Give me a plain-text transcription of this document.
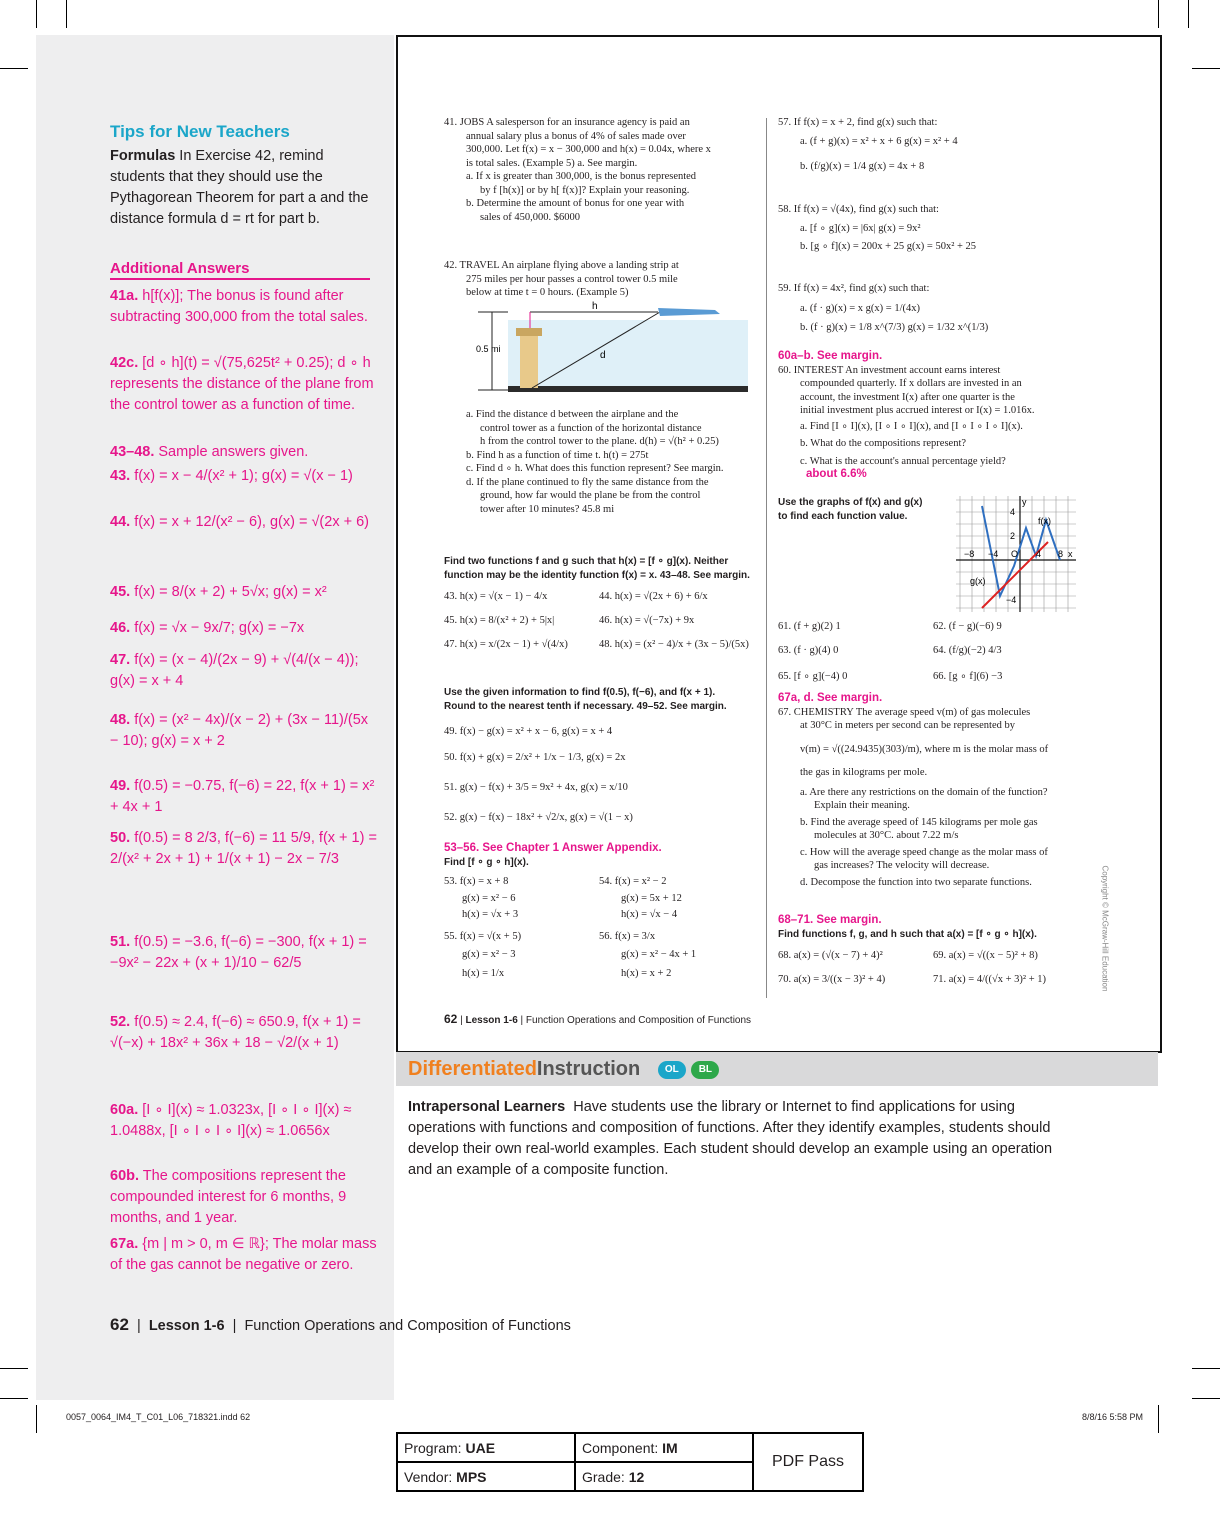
Tips for New Teachers
Formulas In Exercise 42, remind students that they should use the Pythagorean Theorem for part a and the distance formula d = rt for part b.
Additional Answers
41a. h[f(x)]; The bonus is found after subtracting 300,000 from the total sales.
42c. [d ∘ h](t) = √(75,625t² + 0.25); d ∘ h represents the distance of the plane from the control tower as a function of time.
43–48. Sample answers given.
43. f(x) = x − 4/(x² + 1); g(x) = √(x − 1)
44. f(x) = x + 12/(x² − 6), g(x) = √(2x + 6)
45. f(x) = 8/(x + 2) + 5√x; g(x) = x²
46. f(x) = √x − 9x/7; g(x) = −7x
47. f(x) = (x − 4)/(2x − 9) + √(4/(x − 4)); g(x) = x + 4
48. f(x) = (x² − 4x)/(x − 2) + (3x − 11)/(5x − 10); g(x) = x + 2
49. f(0.5) = −0.75, f(−6) = 22, f(x + 1) = x² + 4x + 1
50. f(0.5) = 8 2/3, f(−6) = 11 5/9, f(x + 1) = 2/(x² + 2x + 1) + 1/(x + 1) − 2x − 7/3
51. f(0.5) = −3.6, f(−6) = −300, f(x + 1) = −9x² − 22x + (x + 1)/10 − 62/5
52. f(0.5) ≈ 2.4, f(−6) ≈ 650.9, f(x + 1) = √(−x) + 18x² + 36x + 18 − √2/(x + 1)
60a. [I ∘ I](x) ≈ 1.0323x, [I ∘ I ∘ I](x) ≈ 1.0488x, [I ∘ I ∘ I ∘ I](x) ≈ 1.0656x
60b. The compositions represent the compounded interest for 6 months, 9 months, and 1 year.
67a. {m | m > 0, m ∈ ℝ}; The molar mass of the gas cannot be negative or zero.
41. JOBS A salesperson for an insurance agency is paid an
annual salary plus a bonus of 4% of sales made over
300,000. Let f(x) = x − 300,000 and h(x) = 0.04x, where x
is total sales. (Example 5) a. See margin.
a. If x is greater than 300,000, is the bonus represented
by f [h(x)] or by h[ f(x)]? Explain your reasoning.
b. Determine the amount of bonus for one year with
sales of 450,000. $6000
42. TRAVEL An airplane flying above a landing strip at
275 miles per hour passes a control tower 0.5 mile
below at time t = 0 hours. (Example 5)
h
d
0.5 mi
a. Find the distance d between the airplane and the
control tower as a function of the horizontal distance
h from the control tower to the plane. d(h) = √(h² + 0.25)
b. Find h as a function of time t. h(t) = 275t
c. Find d ∘ h. What does this function represent? See margin.
d. If the plane continued to fly the same distance from the
ground, how far would the plane be from the control
tower after 10 minutes? 45.8 mi
Find two functions f and g such that h(x) = [f ∘ g](x). Neither
function may be the identity function f(x) = x. 43–48. See margin.
43. h(x) = √(x − 1) − 4/x	44. h(x) = √(2x + 6) + 6/x
45. h(x) = 8/(x² + 2) + 5|x|	46. h(x) = √(−7x) + 9x
47. h(x) = x/(2x − 1) + √(4/x)	48. h(x) = (x² − 4)/x + (3x − 5)/(5x)
Use the given information to find f(0.5), f(−6), and f(x + 1).
Round to the nearest tenth if necessary. 49–52. See margin.
49. f(x) − g(x) = x² + x − 6, g(x) = x + 4
50. f(x) + g(x) = 2/x² + 1/x − 1/3, g(x) = 2x
51. g(x) − f(x) + 3/5 = 9x² + 4x, g(x) = x/10
52. g(x) − f(x) − 18x² + √2/x, g(x) = √(1 − x)
53–56. See Chapter 1 Answer Appendix.
Find [f ∘ g ∘ h](x).
53. f(x) = x + 8
g(x) = x² − 6
h(x) = √x + 3
54. f(x) = x² − 2
g(x) = 5x + 12
h(x) = √x − 4
55. f(x) = √(x + 5)
g(x) = x² − 3
h(x) = 1/x
56. f(x) = 3/x
g(x) = x² − 4x + 1
h(x) = x + 2
62 | Lesson 1-6 | Function Operations and Composition of Functions
57. If f(x) = x + 2, find g(x) such that:
a. (f + g)(x) = x² + x + 6 g(x) = x² + 4
b. (f/g)(x) = 1/4 g(x) = 4x + 8
58. If f(x) = √(4x), find g(x) such that:
a. [f ∘ g](x) = |6x| g(x) = 9x²
b. [g ∘ f](x) = 200x + 25 g(x) = 50x² + 25
59. If f(x) = 4x², find g(x) such that:
a. (f · g)(x) = x g(x) = 1/(4x)
b. (f · g)(x) = 1/8 x^(7/3) g(x) = 1/32 x^(1/3)
60a–b. See margin.
60. INTEREST An investment account earns interest
compounded quarterly. If x dollars are invested in an
account, the investment I(x) after one quarter is the
initial investment plus accrued interest or I(x) = 1.016x.
a. Find [I ∘ I](x), [I ∘ I ∘ I](x), and [I ∘ I ∘ I ∘ I](x).
b. What do the compositions represent?
c. What is the account's annual percentage yield?
about 6.6%
Use the graphs of f(x) and g(x)
to find each function value.	f(x)
g(x)
y
x
−8 −4 O 4 8
4
2
−4
61. (f + g)(2) 1	62. (f − g)(−6) 9
63. (f · g)(4) 0	64. (f/g)(−2) 4/3
65. [f ∘ g](−4) 0	66. [g ∘ f](6) −3
67a, d. See margin.
67. CHEMISTRY The average speed v(m) of gas molecules
at 30°C in meters per second can be represented by
v(m) = √((24.9435)(303)/m), where m is the molar mass of
the gas in kilograms per mole.
a. Are there any restrictions on the domain of the function?
Explain their meaning.
b. Find the average speed of 145 kilograms per mole gas
molecules at 30°C. about 7.22 m/s
c. How will the average speed change as the molar mass of
gas increases? The velocity will decrease.
d. Decompose the function into two separate functions.
68–71. See margin.
Find functions f, g, and h such that a(x) = [f ∘ g ∘ h](x).
68. a(x) = (√(x − 7) + 4)²	69. a(x) = √((x − 5)² + 8)
70. a(x) = 3/((x − 3)² + 4)	71. a(x) = 4/((√x + 3)² + 1)	Copyright © McGraw-Hill Education
DifferentiatedInstruction OL BL
Intrapersonal Learners Have students use the library or Internet to find applications for using operations with functions and composition of functions. After they identify examples, students should develop their own real-world examples. Each student should develop an example using an operation and an example of a composite function.
62  |  Lesson 1-6  |  Function Operations and Composition of Functions
0057_0064_IM4_T_C01_L06_718321.indd 62	8/8/16 5:58 PM
Program: UAE	Component: IM	PDF Pass
Vendor: MPS	Grade: 12	
